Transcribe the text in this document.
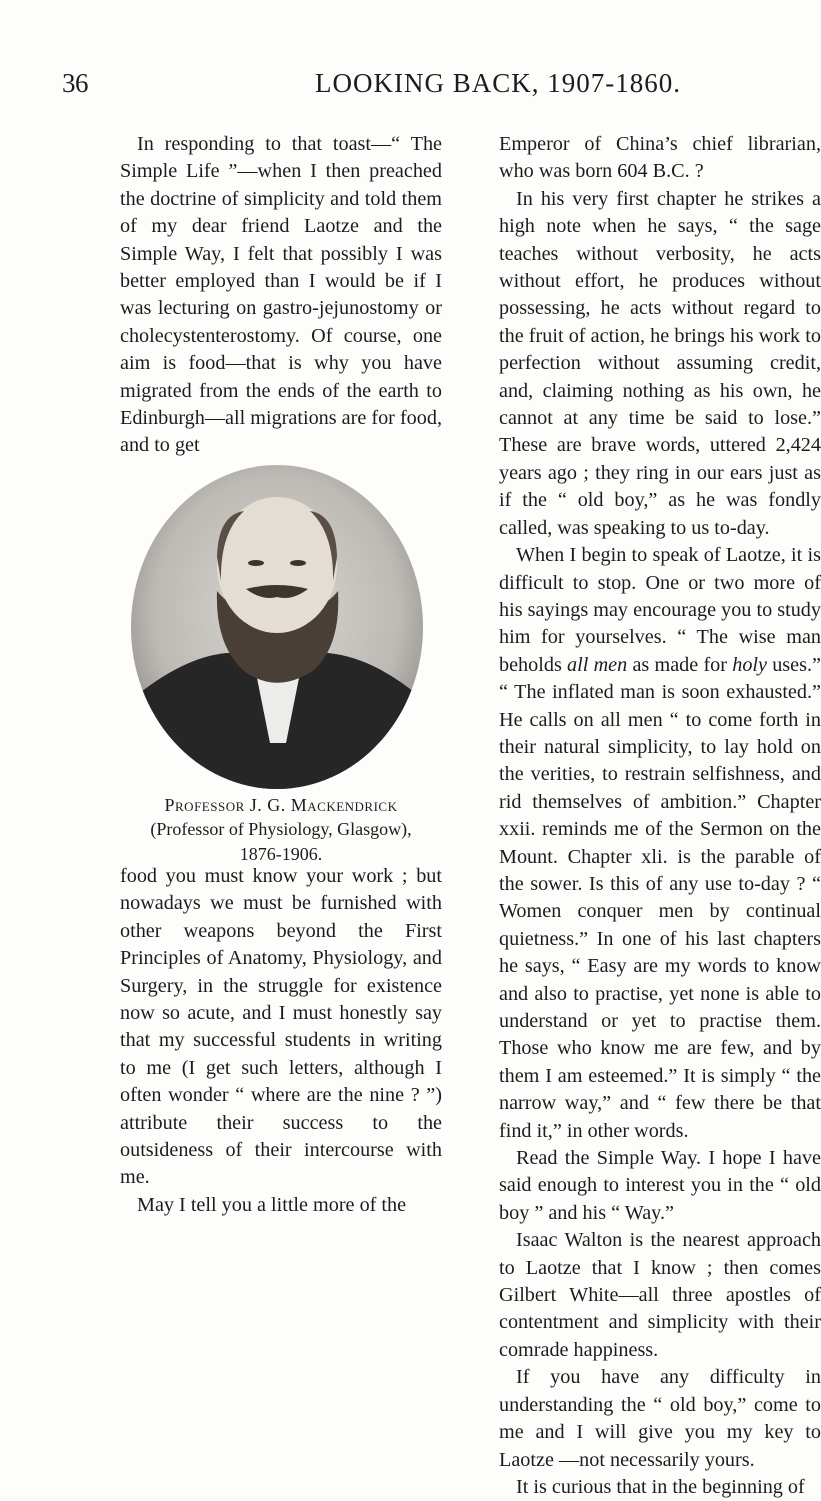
36	LOOKING BACK, 1907-1860.

In responding to that toast—“ The Simple Life ”—when I then preached the doctrine of simplicity and told them of my dear friend Laotze and the Simple Way, I felt that possibly I was better employed than I would be if I was lecturing on gastro-jejunostomy or cholecystenterostomy. Of course, one aim is food—that is why you have migrated from the ends of the earth to Edinburgh—all migrations are for food, and to get

Professor J. G. Mackendrick
(Professor of Physiology, Glasgow),
1876-1906.

food you must know your work ; but nowadays we must be furnished with other weapons beyond the First Principles of Anatomy, Physiology, and Surgery, in the struggle for existence now so acute, and I must honestly say that my successful students in writing to me (I get such letters, although I often wonder “ where are the nine ? ”) attribute their success to the outsideness of their intercourse with me.

May I tell you a little more of the

Emperor of China’s chief librarian, who was born 604 B.C. ?

In his very first chapter he strikes a high note when he says, “ the sage teaches without verbosity, he acts without effort, he produces without possessing, he acts without regard to the fruit of action, he brings his work to perfection without assuming credit, and, claiming nothing as his own, he cannot at any time be said to lose.” These are brave words, uttered 2,424 years ago ; they ring in our ears just as if the “ old boy,” as he was fondly called, was speaking to us to-day.

When I begin to speak of Laotze, it is difficult to stop. One or two more of his sayings may encourage you to study him for yourselves. “ The wise man beholds all men as made for holy uses.” “ The inflated man is soon exhausted.” He calls on all men “ to come forth in their natural simplicity, to lay hold on the verities, to restrain selfishness, and rid themselves of ambition.” Chapter xxii. reminds me of the Sermon on the Mount. Chapter xli. is the parable of the sower. Is this of any use to-day ? “ Women conquer men by continual quietness.” In one of his last chapters he says, “ Easy are my words to know and also to practise, yet none is able to understand or yet to practise them. Those who know me are few, and by them I am esteemed.” It is simply “ the narrow way,” and “ few there be that find it,” in other words.

Read the Simple Way. I hope I have said enough to interest you in the “ old boy ” and his “ Way.”

Isaac Walton is the nearest approach to Laotze that I know ; then comes Gilbert White—all three apostles of contentment and simplicity with their comrade happiness.

If you have any difficulty in understanding the “ old boy,” come to me and I will give you my key to Laotze —not necessarily yours.

It is curious that in the beginning of
